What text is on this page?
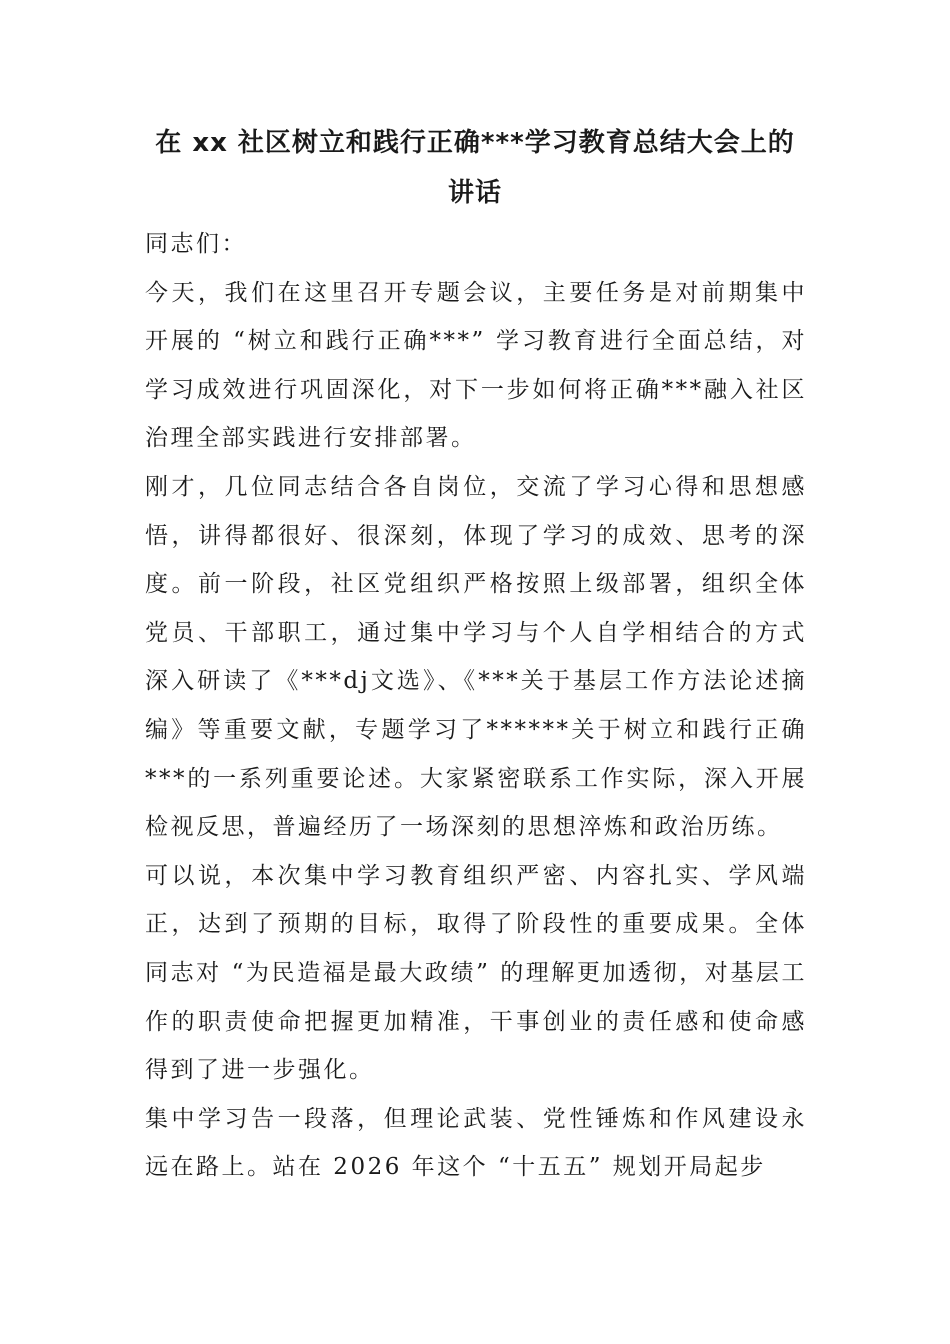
在 xx 社区树立和践行正确***学习教育总结大会上的讲话

同志们：

今天，我们在这里召开专题会议，主要任务是对前期集中开展的 “树立和践行正确***” 学习教育进行全面总结，对学习成效进行巩固深化，对下一步如何将正确***融入社区治理全部实践进行安排部署。

刚才，几位同志结合各自岗位，交流了学习心得和思想感悟，讲得都很好、很深刻，体现了学习的成效、思考的深度。前一阶段，社区党组织严格按照上级部署，组织全体党员、干部职工，通过集中学习与个人自学相结合的方式深入研读了《***dj文选》、《***关于基层工作方法论述摘编》等重要文献，专题学习了******关于树立和践行正确***的一系列重要论述。大家紧密联系工作实际，深入开展检视反思，普遍经历了一场深刻的思想淬炼和政治历练。

可以说，本次集中学习教育组织严密、内容扎实、学风端正，达到了预期的目标，取得了阶段性的重要成果。全体同志对 “为民造福是最大政绩” 的理解更加透彻，对基层工作的职责使命把握更加精准，干事创业的责任感和使命感得到了进一步强化。

集中学习告一段落，但理论武装、党性锤炼和作风建设永远在路上。站在 2026 年这个 “十五五” 规划开局起步
